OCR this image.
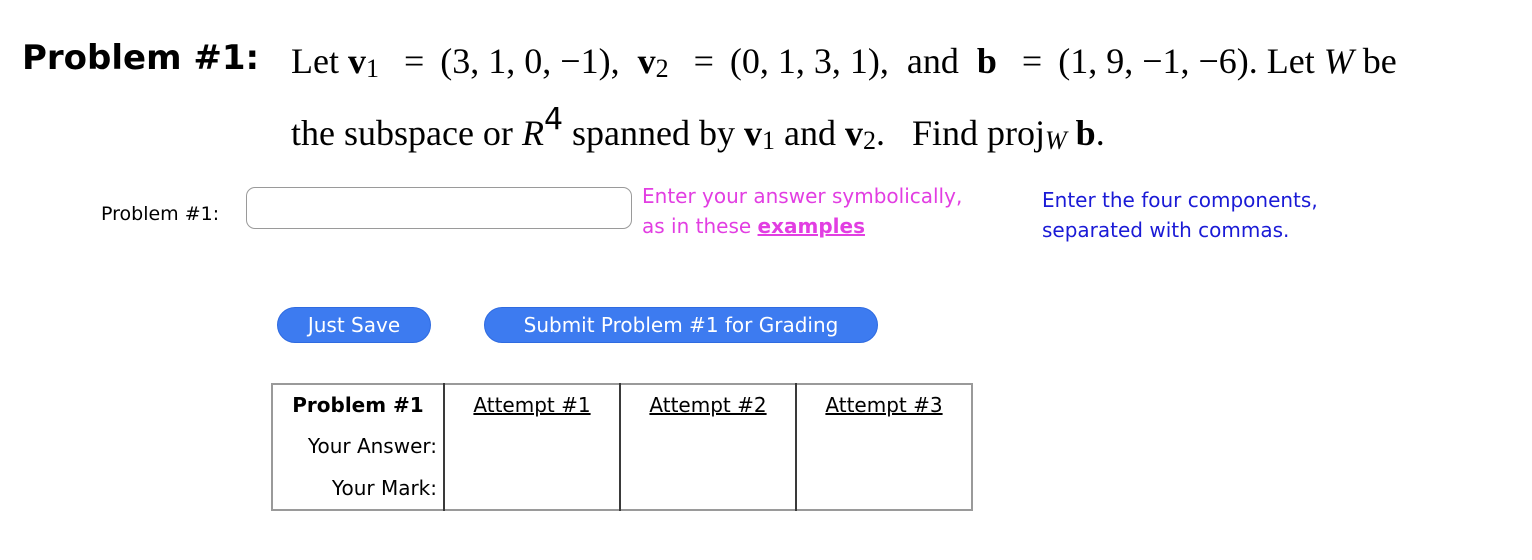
Problem #1: Let v1 = (3, 1, 0, −1), v2 = (0, 1, 3, 1), and b = (1, 9, −1, −6). Let W be
the subspace or $R^4$ spanned by v1 and v2. Find projW b.
Problem #1:
Enter your answer symbolically,
as in these examples
Enter the four components,
separated with commas.
Just Save	Submit Problem #1 for Grading
Problem #1	Attempt #1	Attempt #2	Attempt #3
Your Answer:			
Your Mark:			
